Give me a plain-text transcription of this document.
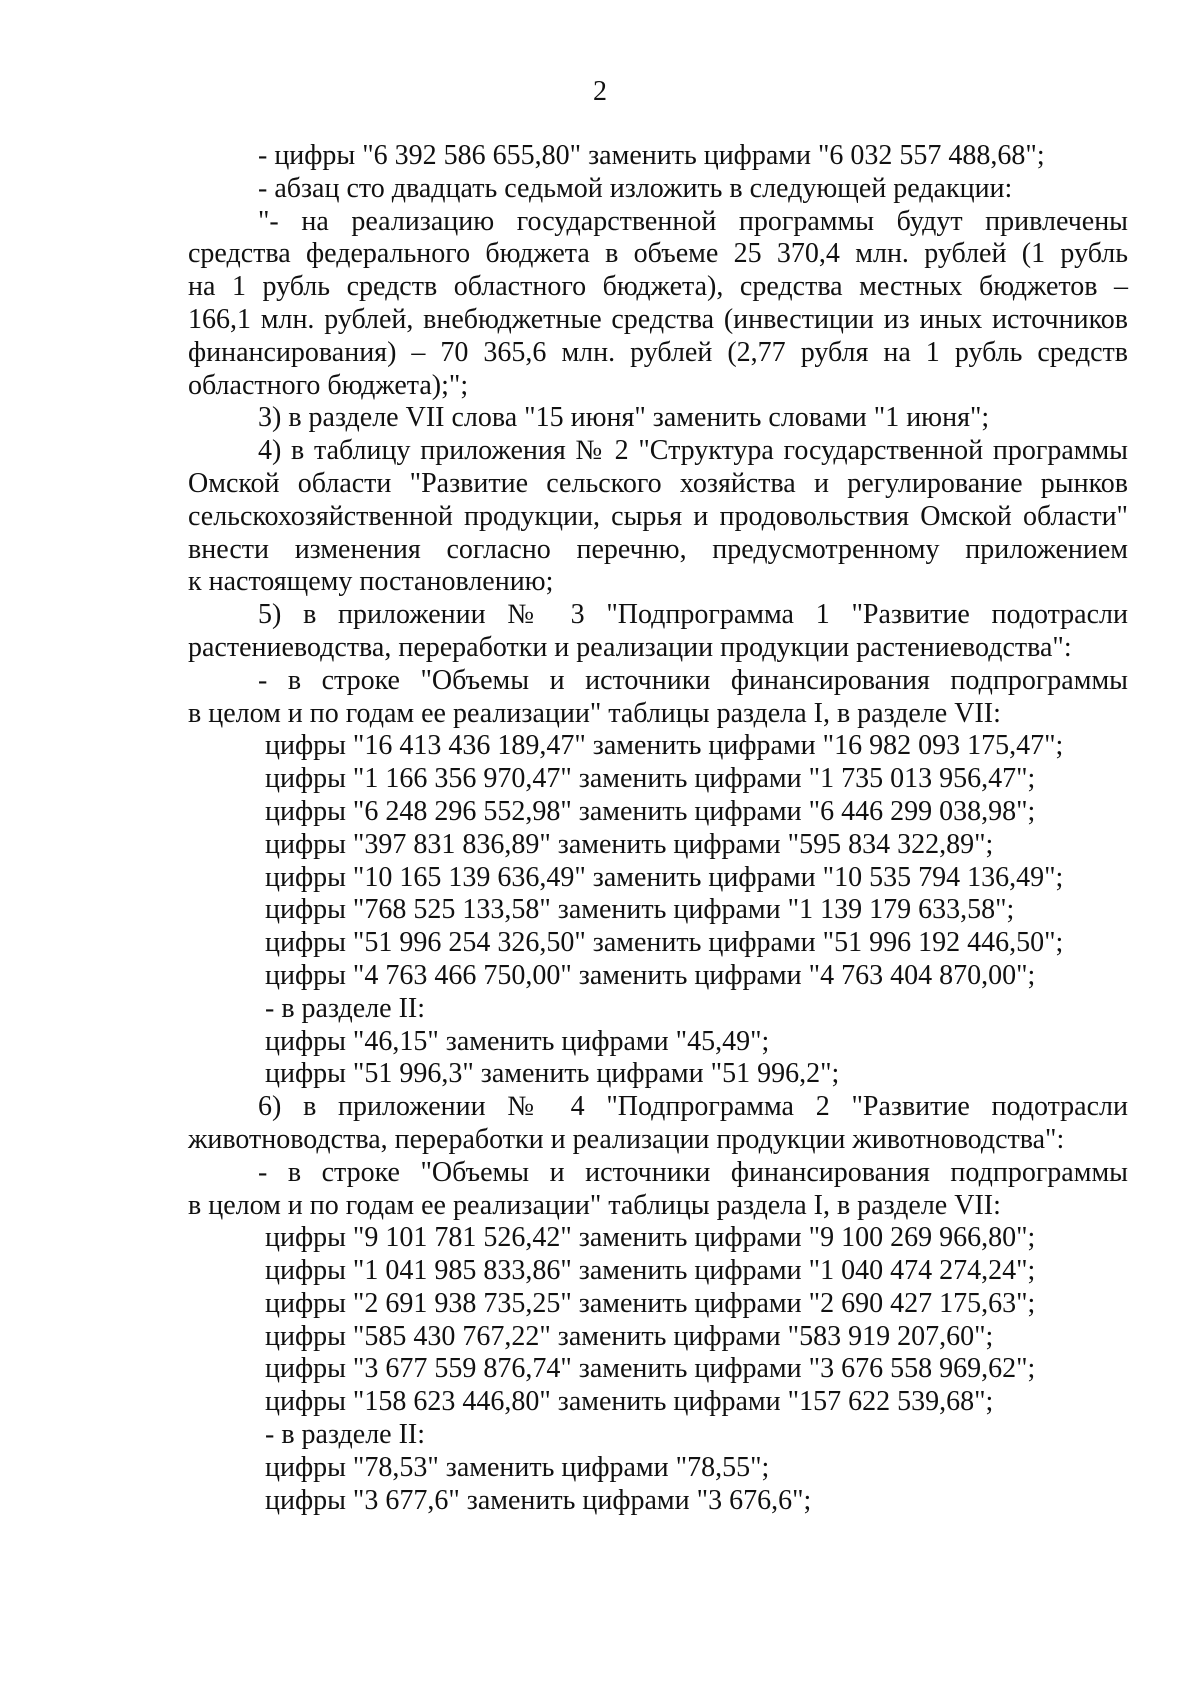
2
- цифры "6 392 586 655,80" заменить цифрами "6 032 557 488,68";
- абзац сто двадцать седьмой изложить в следующей редакции:
"- на реализацию государственной программы будут привлечены
средства федерального бюджета в объеме 25 370,4 млн. рублей (1 рубль
на 1 рубль средств областного бюджета), средства местных бюджетов –
166,1 млн. рублей, внебюджетные средства (инвестиции из иных источников
финансирования) – 70 365,6 млн. рублей (2,77 рубля на 1 рубль средств
областного бюджета);";
3) в разделе VII слова "15 июня" заменить словами "1 июня";
4) в таблицу приложения № 2 "Структура государственной программы
Омской области "Развитие сельского хозяйства и регулирование рынков
сельскохозяйственной продукции, сырья и продовольствия Омской области"
внести изменения согласно перечню, предусмотренному приложением
к настоящему постановлению;
5) в приложении № 3 "Подпрограмма 1 "Развитие подотрасли
растениеводства, переработки и реализации продукции растениеводства":
- в строке "Объемы и источники финансирования подпрограммы
в целом и по годам ее реализации" таблицы раздела I, в разделе VII:
цифры "16 413 436 189,47" заменить цифрами "16 982 093 175,47";
цифры "1 166 356 970,47" заменить цифрами "1 735 013 956,47";
цифры "6 248 296 552,98" заменить цифрами "6 446 299 038,98";
цифры "397 831 836,89" заменить цифрами "595 834 322,89";
цифры "10 165 139 636,49" заменить цифрами "10 535 794 136,49";
цифры "768 525 133,58" заменить цифрами "1 139 179 633,58";
цифры "51 996 254 326,50" заменить цифрами "51 996 192 446,50";
цифры "4 763 466 750,00" заменить цифрами "4 763 404 870,00";
- в разделе II:
цифры "46,15" заменить цифрами "45,49";
цифры "51 996,3" заменить цифрами "51 996,2";
6) в приложении № 4 "Подпрограмма 2 "Развитие подотрасли
животноводства, переработки и реализации продукции животноводства":
- в строке "Объемы и источники финансирования подпрограммы
в целом и по годам ее реализации" таблицы раздела I, в разделе VII:
цифры "9 101 781 526,42" заменить цифрами "9 100 269 966,80";
цифры "1 041 985 833,86" заменить цифрами "1 040 474 274,24";
цифры "2 691 938 735,25" заменить цифрами "2 690 427 175,63";
цифры "585 430 767,22" заменить цифрами "583 919 207,60";
цифры "3 677 559 876,74" заменить цифрами "3 676 558 969,62";
цифры "158 623 446,80" заменить цифрами "157 622 539,68";
- в разделе II:
цифры "78,53" заменить цифрами "78,55";
цифры "3 677,6" заменить цифрами "3 676,6";
